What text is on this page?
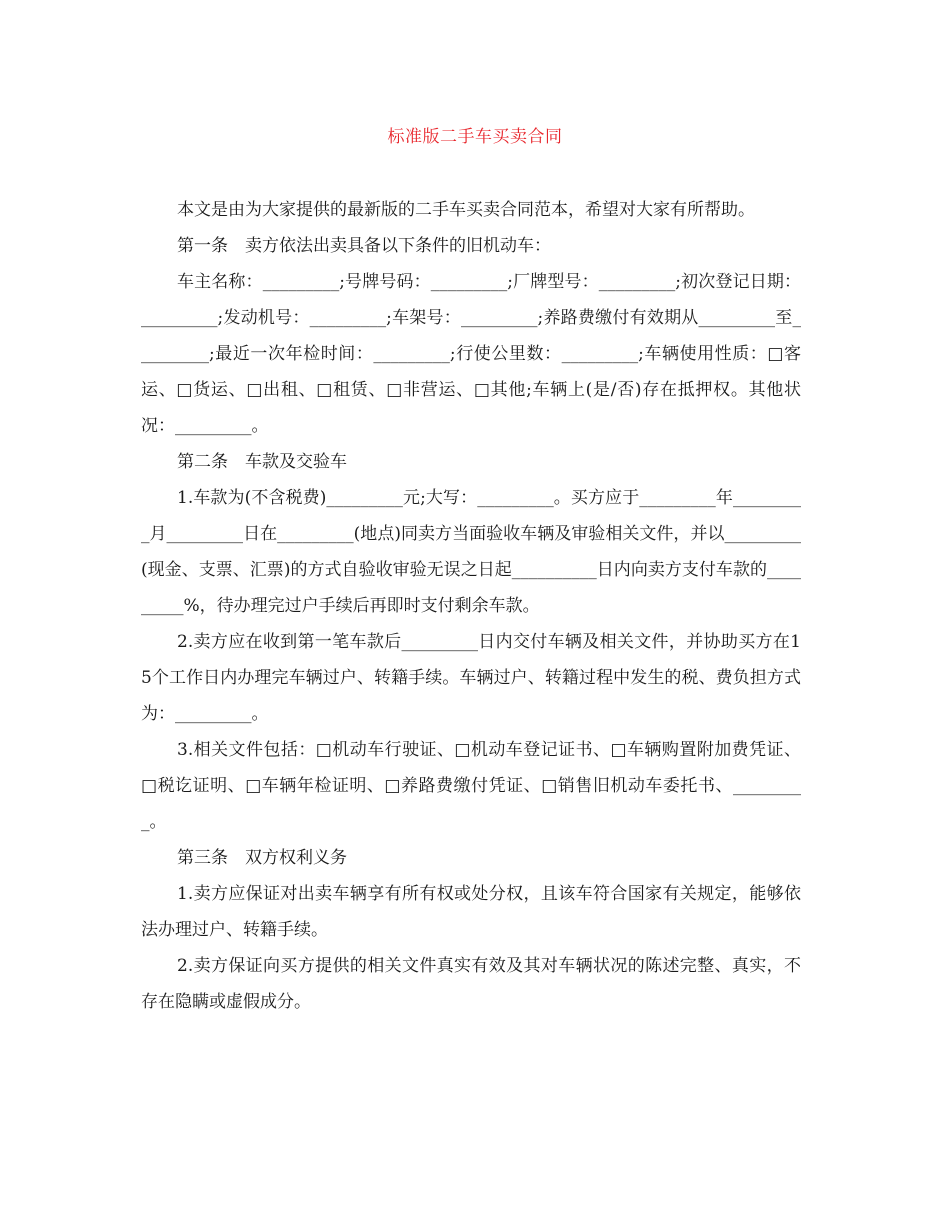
标准版二手车买卖合同

本文是由为大家提供的最新版的二手车买卖合同范本，希望对大家有所帮助。

第一条　卖方依法出卖具备以下条件的旧机动车：

车主名称：_________;号牌号码：_________;厂牌型号：_________;初次登记日期：_________;发动机号：_________;车架号：_________;养路费缴付有效期从_________至_________;最近一次年检时间：_________;行使公里数：_________;车辆使用性质：□客运、□货运、□出租、□租赁、□非营运、□其他;车辆上(是/否)存在抵押权。其他状况：_________。

第二条　车款及交验车

1.车款为(不含税费)_________元;大写：_________。买方应于_________年_________月_________日在_________(地点)同卖方当面验收车辆及审验相关文件，并以_________(现金、支票、汇票)的方式自验收审验无误之日起__________日内向卖方支付车款的_________%，待办理完过户手续后再即时支付剩余车款。

2.卖方应在收到第一笔车款后_________日内交付车辆及相关文件，并协助买方在15个工作日内办理完车辆过户、转籍手续。车辆过户、转籍过程中发生的税、费负担方式为：_________。

3.相关文件包括：□机动车行驶证、□机动车登记证书、□车辆购置附加费凭证、□税讫证明、□车辆年检证明、□养路费缴付凭证、□销售旧机动车委托书、_________。

第三条　双方权利义务

1.卖方应保证对出卖车辆享有所有权或处分权，且该车符合国家有关规定，能够依法办理过户、转籍手续。

2.卖方保证向买方提供的相关文件真实有效及其对车辆状况的陈述完整、真实，不存在隐瞒或虚假成分。
